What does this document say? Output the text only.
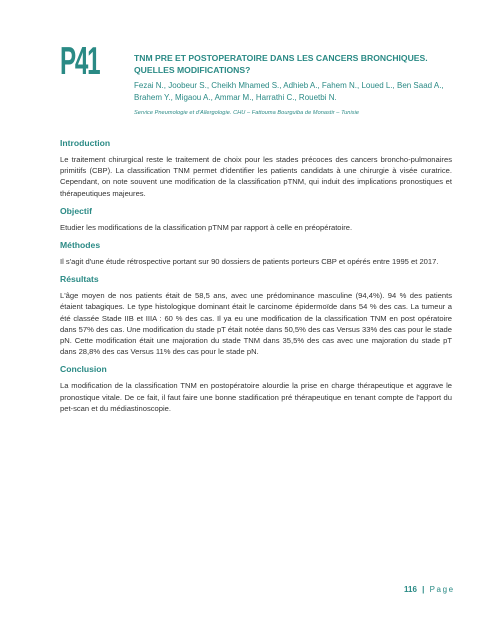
P41	TNM PRE ET POSTOPERATOIRE DANS LES CANCERS BRONCHIQUES. QUELLES MODIFICATIONS?

Fezai N., Joobeur S., Cheikh Mhamed S., Adhieb A., Fahem N., Loued L., Ben Saad A., Brahem Y., Migaou A., Ammar M., Harrathi C., Rouetbi N.

Service Pneumologie et d'Allergologie. CHU – Fattouma Bourguiba de Monastir – Tunisie

Introduction

Le traitement chirurgical reste le traitement de choix pour les stades précoces des cancers broncho-pulmonaires primitifs (CBP). La classification TNM permet d'identifier les patients candidats à une chirurgie à visée curatrice. Cependant, on note souvent une modification de la classification pTNM, qui induit des implications pronostiques et thérapeutiques majeures.

Objectif

Etudier les modifications de la classification pTNM par rapport à celle en préopératoire.

Méthodes

Il s'agit d'une étude rétrospective portant sur 90 dossiers de patients porteurs CBP et opérés entre 1995 et 2017.

Résultats

L'âge moyen de nos patients était de 58,5 ans, avec une prédominance masculine (94,4%). 94 % des patients étaient tabagiques. Le type histologique dominant était le carcinome épidermoïde dans 54 % des cas. La tumeur a été classée Stade IIB et IIIA : 60 % des cas. Il ya eu une modification de la classification TNM en post opératoire dans 57% des cas. Une modification du stade pT était notée dans 50,5% des cas Versus 33% des cas pour le stade pN. Cette modification était une majoration du stade TNM dans 35,5% des cas avec une majoration du stade pT dans 28,8% des cas Versus 11% des cas pour le stade pN.

Conclusion

La modification de la classification TNM en postopératoire alourdie la prise en charge thérapeutique et aggrave le pronostique vitale. De ce fait, il faut faire une bonne stadification pré thérapeutique en tenant compte de l'apport du pet-scan et du médiastinoscopie.

116 | Page
